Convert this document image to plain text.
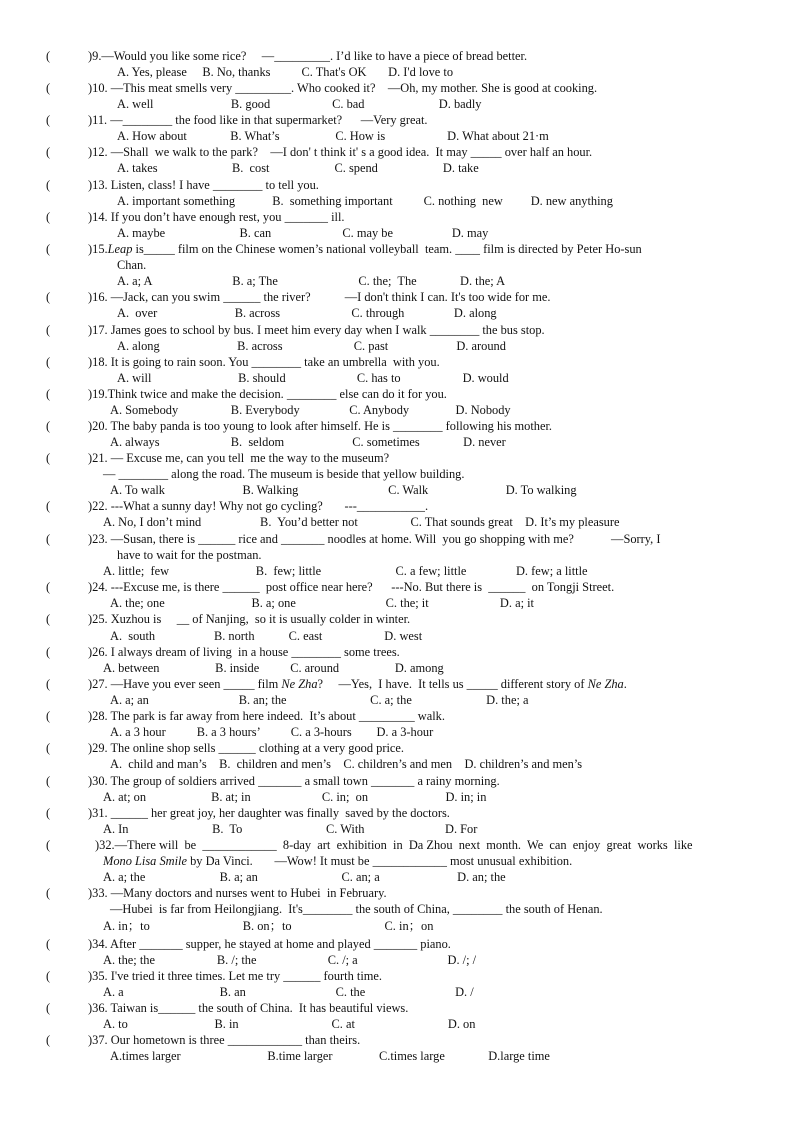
(	)9.—Would you like some rice?     —_________. I’d like to have a piece of bread better.
A. Yes, please     B. No, thanks          C. That's OK       D. I'd love to
(	)10. —This meat smells very _________. Who cooked it?    —Oh, my mother. She is good at cooking.
A. well                         B. good                    C. bad                        D. badly
(	)11. —________ the food like in that supermarket?      —Very great.
A. How about              B. What’s                  C. How is                    D. What about 21·m
(	)12. —Shall  we walk to the park?    —I don' t think it' s a good idea.  It may _____ over half an hour.
A. takes                        B.  cost                     C. spend                     D. take
(	)13. Listen, class! I have ________ to tell you.
A. important something            B.  something important          C. nothing  new         D. new anything
(	)14. If you don’t have enough rest, you _______ ill.
A. maybe                        B. can                       C. may be                   D. may
(	)15.Leap is_____ film on the Chinese women’s national volleyball  team. ____ film is directed by Peter Ho-sun
Chan.
A. a; A                          B. a; The                          C. the;  The              D. the; A
(	)16. —Jack, can you swim ______ the river?           —I don't think I can. It's too wide for me.
A.  over                         B. across                       C. through                D. along
(	)17. James goes to school by bus. I meet him every day when I walk ________ the bus stop.
A. along                         B. across                       C. past                      D. around
(	)18. It is going to rain soon. You ________ take an umbrella  with you.
A. will                            B. should                       C. has to                    D. would
(	)19.Think twice and make the decision. ________ else can do it for you.
A. Somebody                 B. Everybody                C. Anybody               D. Nobody
(	)20. The baby panda is too young to look after himself. He is ________ following his mother.
A. always                       B.  seldom                      C. sometimes              D. never
(	)21. — Excuse me, can you tell  me the way to the museum?
— ________ along the road. The museum is beside that yellow building.
A. To walk                         B. Walking                             C. Walk                         D. To walking
(	)22. ---What a sunny day! Why not go cycling?       ---___________.
A. No, I don’t mind                   B.  You’d better not                 C. That sounds great    D. It’s my pleasure
(	)23. —Susan, there is ______ rice and _______ noodles at home. Will  you go shopping with me?            —Sorry, I
have to wait for the postman.
A. little;  few                            B.  few; little                        C. a few; little                D. few; a little
(	)24. ---Excuse me, is there ______  post office near here?      ---No. But there is  ______  on Tongji Street.
A. the; one                            B. a; one                             C. the; it                       D. a; it
(	)25. Xuzhou is     __ of Nanjing,  so it is usually colder in winter.
A.  south                   B. north           C. east                    D. west
(	)26. I always dream of living  in a house ________ some trees.
A. between                  B. inside          C. around                  D. among
(	)27. —Have you ever seen _____ film Ne Zha?     —Yes,  I have.  It tells us _____ different story of Ne Zha.
A. a; an                             B. an; the                           C. a; the                        D. the; a
(	)28. The park is far away from here indeed.  It’s about _________ walk.
A. a 3 hour          B. a 3 hours’          C. a 3-hours        D. a 3-hour
(	)29. The online shop sells ______ clothing at a very good price.
A.  child and man’s    B.  children and men’s    C. children’s and men    D. children’s and men’s
(	)30. The group of soldiers arrived _______ a small town _______ a rainy morning.
A. at; on                     B. at; in                       C. in;  on                         D. in; in
(	)31. ______ her great joy, her daughter was finally  saved by the doctors.
A. In                           B.  To                           C. With                          D. For
(	)32.—There will  be  ____________  8-day  art  exhibition  in  Da Zhou  next  month.  We  can  enjoy  great  works  like
Mono Lisa Smile by Da Vinci.       —Wow! It must be ____________ most unusual exhibition.
A. a; the                        B. a; an                           C. an; a                         D. an; the
(	)33. —Many doctors and nurses went to Hubei  in February.
—Hubei  is far from Heilongjiang.  It's________ the south of China, ________ the south of Henan.
A. in；to                              B. on；to                              C. in；on
(	)34. After _______ supper, he stayed at home and played _______ piano.
A. the; the                    B. /; the                       C. /; a                             D. /; /
(	)35. I've tried it three times. Let me try ______ fourth time.
A. a                               B. an                             C. the                             D. /
(	)36. Taiwan is______ the south of China.  It has beautiful views.
A. to                            B. in                              C. at                              D. on
(	)37. Our hometown is three ____________ than theirs.
A.times larger                            B.time larger               C.times large              D.large time
